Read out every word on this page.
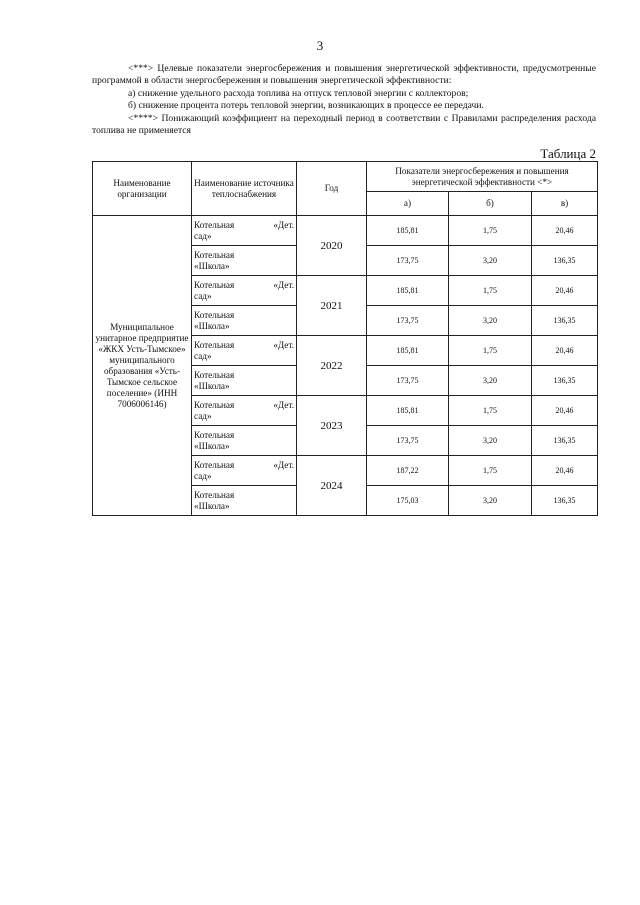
3

<***> Целевые показатели энергосбережения и повышения энергетической эффективности, предусмотренные программой в области энергосбережения и повышения энергетической эффективности:

а) снижение удельного расхода топлива на отпуск тепловой энергии с коллекторов;

б) снижение процента потерь тепловой энергии, возникающих в процессе ее передачи.

<****> Понижающий коэффициент на переходный период в соответствии с Правилами распределения расхода топлива не применяется

Таблица 2
Наименование организации	Наименование источника теплоснабжения	Год	Показатели энергосбережения и повышения энергетической эффективности <*>		
			а)	б)	в)
Муниципальное унитарное предприятие «ЖКХ Усть-Тымское» муниципального образования «Усть-Тымское сельское поселение» (ИНН 7006006146)	Котельная «Дет.
сад»	2020	185,81	1,75	20,46

	Котельная
«Школа»		173,75	3,20	136,35

	Котельная «Дет.
сад»	2021	185,81	1,75	20,46

	Котельная
«Школа»		173,75	3,20	136,35

	Котельная «Дет.
сад»	2022	185,81	1,75	20,46

	Котельная
«Школа»		173,75	3,20	136,35

	Котельная «Дет.
сад»	2023	185,81	1,75	20,46

	Котельная
«Школа»		173,75	3,20	136,35

	Котельная «Дет.
сад»	2024	187,22	1,75	20,46

	Котельная
«Школа»		175,03	3,20	136,35
